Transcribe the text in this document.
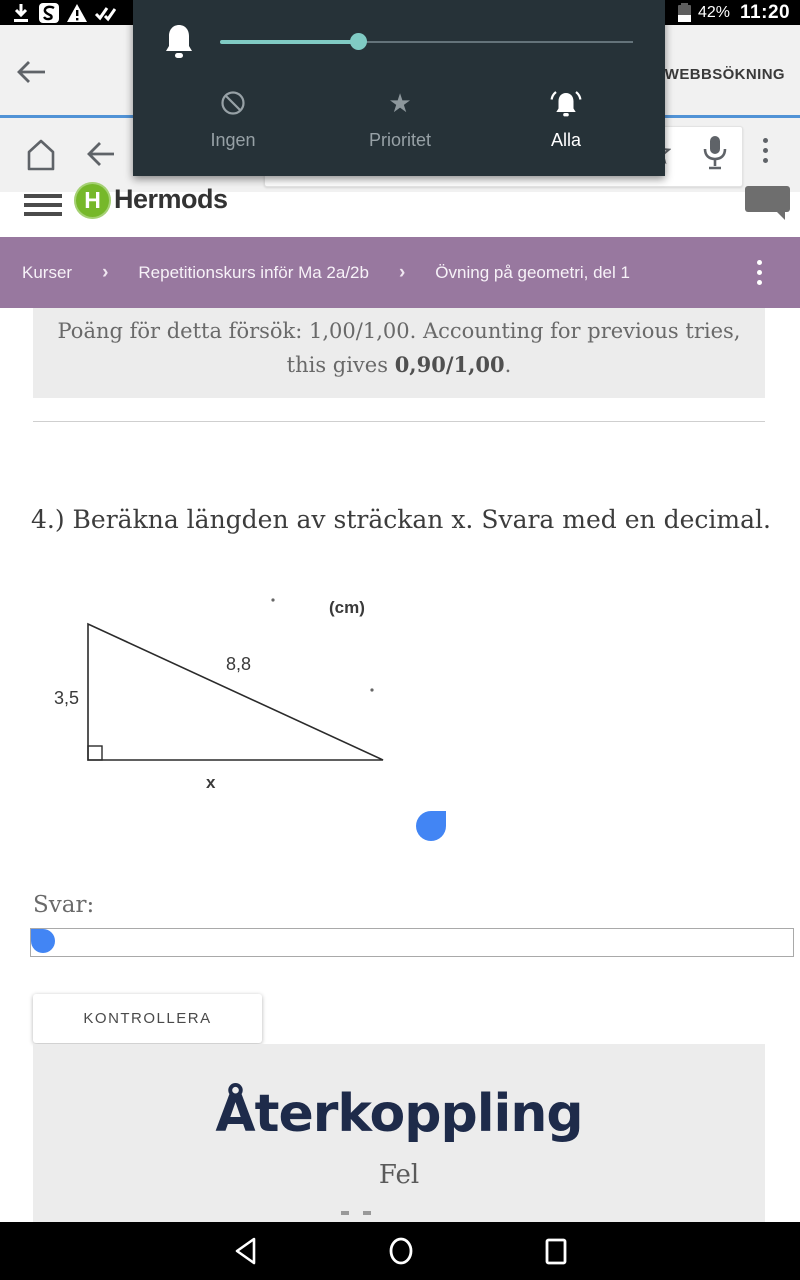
42% 11:20
WEBBSÖKNING
H Hermods
Kurser › Repetitionskurs inför Ma 2a/2b › Övning på geometri, del 1
Poäng för detta försök: 1,00/1,00. Accounting for previous tries,
this gives 0,90/1,00.
4.) Beräkna längden av sträckan x. Svara med en decimal.
(cm)
3,5
8,8
x
Svar:
KONTROLLERA
Återkoppling
Fel
Ingen
★
Prioritet	Alla
